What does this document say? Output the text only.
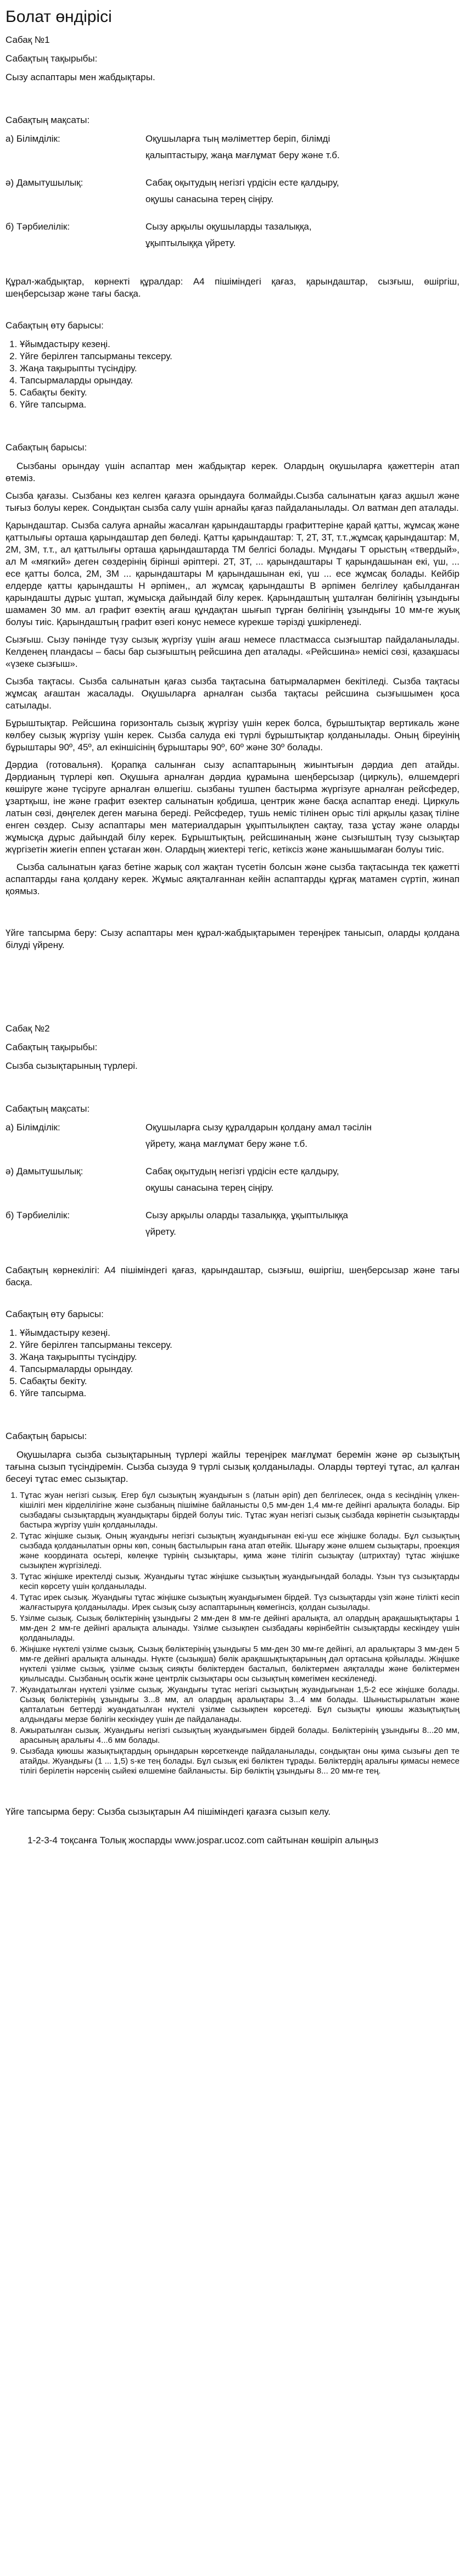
Болат өндірісі

Сабақ №1

Сабақтың тақырыбы:

Сызу аспаптары мен жабдықтары.

Сабақтың мақсаты:

а) Білімділік:	Оқушыларға тың мәліметтер беріп, білімді
қалыптастыру, жаңа мағлұмат беру және т.б.
ә) Дамытушылық:	Сабақ оқытудың негізгі үрдісін есте қалдыру,
оқушы санасына терең сіңіру.
б) Тәрбиелілік:	Сызу арқылы оқушыларды тазалыққа,
ұқыптылыққа үйрету.

Құрал-жабдықтар, көрнекті құралдар: А4 пішіміндегі қағаз, қарындаштар, сызғыш, өшіргіш, шеңберсызар және тағы басқа.

Сабақтың өту барысы:

1. Ұйымдастыру кезеңі.
2. Үйге берілген тапсырманы тексеру.
3. Жаңа тақырыпты түсіндіру.
4. Тапсырмаларды орындау.
5. Сабақты бекіту.
6. Үйге тапсырма.

Сабақтың барысы:

Сызбаны орындау үшін аспаптар мен жабдықтар керек. Олардың оқушыларға қажеттерін атап өтеміз.

Сызба қағазы. Сызбаны кез келген қағазға орындауға болмайды.Сызба салынатын қағаз ақшыл және тығыз болуы керек. Сондықтан сызба салу үшін арнайы қағаз пайдаланылады. Ол ватман деп аталады.

Қарындаштар. Сызба салуға арнайы жасалған қарындаштарды графиттеріне қарай қатты, жұмсақ және қаттылығы орташа қарындаштар деп бөледі. Қатты қарындаштар: Т, 2Т, 3Т, т.т.,жұмсақ қарындаштар: М, 2М, 3М, т.т., ал қаттылығы орташа қарындаштарда ТМ белгісі болады. Мұндағы Т орыстың «твердый», ал М «мягкий» деген сөздерінің бірінші әріптері. 2Т, 3Т, ... қарындаштары Т қарындашынан екі, үш, ... есе қатты болса, 2М, 3М ... қарындаштары М қарындашынан екі, үш ... есе жұмсақ болады. Кейбір елдерде қатты қарындашты Н әрпімен,, ал жұмсақ қарындашты В әрпімен белгілеу қабылданған қарындашты дұрыс ұштап, жұмысқа дайындай білу керек. Қарындаштың ұшталған бөлігінің ұзындығы шамамен 30 мм. ал графит өзектің ағаш құндақтан шығып тұрған бөлігінің ұзындығы 10 мм-ге жуық болуы тиіс. Қарындаштың графит өзегі конус немесе күрекше тәрізді ұшкірленеді.

Сызғыш. Сызу пәнінде түзу сызық жүргізу үшін ағаш немесе пластмасса сызғыштар пайдаланылады. Келденең пландасы – басы бар сызғыштың рейсшина деп аталады. «Рейсшина» немісі сөзі, қазақшасы «үзеке сызғыш».

Сызба тақтасы. Сызба салынатын қағаз сызба тақтасына батырмалармен бекітіледі. Сызба тақтасы жұмсақ ағаштан жасалады. Оқушыларға арналған сызба тақтасы рейсшина сызғышымен қоса сатылады.

Бұрыштықтар. Рейсшина горизонталь сызық жүргізу үшін керек болса, бұрыштықтар вертикаль және көлбеу сызық жүргізу үшін керек. Сызба салуда екі түрлі бұрыштықтар қолданылады. Оның біреуінің бұрыштары 90º, 45º, ал екіншісінің бұрыштары 90º, 60º және 30º болады.

Дәрдиа (готовальня). Қорапқа салынған сызу аспаптарының жиынтығын дәрдиа деп атайды. Дәрдианың түрлері көп. Оқушыға арналған дәрдиа құрамына шеңберсызар (циркуль), өлшемдергі көшіруге және түсіруге арналған өлшегіш. сызбаны тушпен бастырма жүргізуге арналған рейсфедер, ұзартқыш, іне және графит өзектер салынатын қобдиша, центрик және басқа аспаптар енеді. Циркуль латын сөзі, дөңгелек деген мағына береді. Рейсфедер, тушь неміс тілінен орыс тілі арқылы қазақ тіліне енген сөздер. Сызу аспаптары мен материалдарын ұқыптылықпен сақтау, таза ұстау және оларды жұмысқа дұрыс дайындай білу керек. Бұрыштықтың, рейсшинаның және сызғыштың түзу сызықтар жүргізетін жиегін еппен ұстаған жөн. Олардың жиектері тегіс, кетіксіз және жанышымаған болуы тиіс.

Сызба салынатын қағаз бетіне жарық сол жақтан түсетін болсын және сызба тақтасында тек қажетті аспаптарды ғана қолдану керек. Жұмыс аяқталғаннан кейін аспаптарды құрғақ матамен сүртіп, жинап қоямыз.

Үйге тапсырма беру: Сызу аспаптары мен құрал-жабдықтарымен тереңірек танысып, оларды қолдана білуді үйрену.

Сабақ №2

Сабақтың тақырыбы:

Сызба сызықтарының түрлері.

Сабақтың мақсаты:

а) Білімділік:	Оқушыларға сызу құралдарын қолдану амал тәсілін
үйрету, жаңа мағлұмат беру және т.б.
ә) Дамытушылық:	Сабақ оқытудың негізгі үрдісін есте қалдыру,
оқушы санасына терең сіңіру.
б) Тәрбиелілік:	Сызу арқылы оларды тазалыққа, ұқыптылыққа
үйрету.

Сабақтың көрнекілігі: А4 пішіміндегі қағаз, қарындаштар, сызғыш, өшіргіш, шеңберсызар және тағы басқа.

Сабақтың өту барысы:

1. Ұйымдастыру кезеңі.
2. Үйге берілген тапсырманы тексеру.
3. Жаңа тақырыпты түсіндіру.
4. Тапсырмаларды орындау.
5. Сабақты бекіту.
6. Үйге тапсырма.

Сабақтың барысы:

Оқушыларға сызба сызықтарының түрлері жайлы тереңірек мағлұмат беремін және әр сызықтың тағына сызып түсіндіремін. Сызба сызуда 9 түрлі сызық қолданылады. Оларды төртеуі тұтас, ал қалған бесеуі тұтас емес сызықтар.

1. Тұтас жуан негізгі сызық. Егер бұл сызықтың жуандығын s (латын әріп) деп белгілесек, онда s кесіндінің үлкен-кішілігі мен кірделілігіне және сызбаның пішіміне байланысты 0,5 мм-ден 1,4 мм-ге дейінгі аралықта болады. Бір сызбадағы сызықтардың жуандықтары бірдей болуы тиіс. Тұтас жуан негізгі сызық сызбада көрінетін сызықтарды бастыра жүргізу үшін қолданылады.
2. Тұтас жіңішке сызық. Оның жуандығы негізгі сызықтың жуандығынан екі-үш есе жіңішке болады. Бұл сызықтың сызбада қолданылатын орны көп, соның бастылырын ғана атап өтейік. Шығару және өлшем сызықтары, проекция және координата осьтері, көлеңке түрінің сызықтары, қима және тілігіп сызықтау (штрихтау) тұтас жіңішке сызықпен жүргізіледі.
3. Тұтас жіңішке иректелді сызық. Жуандығы тұтас жіңішке сызықтың жуандығындай болады. Үзын түз сызықтарды кесіп көрсету үшін қолданылады.
4. Тұтас ирек сызық. Жуандығы тұтас жіңішке сызықтың жуандығымен бірдей. Түз сызықтарды үзіп және тілікті кесіп жалғастыруға қолданылады. Ирек сызық сызу аспаптарының көмегінсіз, қолдан сызылады.
5. Үзілме сызық. Сызық бөліктерінің ұзындығы 2 мм-ден 8 мм-ге дейінгі аралықта, ал олардың арақашықтықтары 1 мм-ден 2 мм-ге дейінгі аралықта алынады. Үзілме сызықпен сызбадағы көрінбейтін сызықтарды кескіндеу үшін қолданылады.
6. Жіңішке нүктелі үзілме сызық. Сызық бөліктерінің ұзындығы 5 мм-ден 30 мм-ге дейінгі, ал аралықтары 3 мм-ден 5 мм-ге дейінгі аралықта алынады. Нүкте (сызықша) бөлік арақашықтықтарының дәл ортасына қойылады. Жіңішке нүктелі үзілме сызық, үзілме сызық сияқты бөліктерден басталып, бөліктермен аяқталады және бөліктермен қиылысады. Сызбаның осьтік және центрлік сызықтары осы сызықтың көмегімен кескіленеді.
7. Жуандатылған нүктелі үзілме сызық. Жуандығы тұтас негізгі сызықтың жуандығынан 1,5-2 есе жіңішке болады. Сызық бөліктерінің ұзындығы 3...8 мм, ал олардың аралықтары 3...4 мм болады. Шыныстырылатын және қапталатын беттерді жуандатылған нүктелі үзілме сызықпен көрсетеді. Бұл сызықты қиюшы жазықтықтың алдындағы мерзе бөлігін кескіндеу үшін де пайдаланады.
8. Ажыратылған сызық. Жуандығы негізгі сызықтың жуандығымен бірдей болады. Бөліктерінің ұзындығы 8...20 мм, арасының аралығы 4...6 мм болады.
9. Сызбада қиюшы жазықтықтардың орындарын көрсеткенде пайдаланылады, сондықтан оны қима сызығы деп те атайды. Жуандығы (1 ... 1,5) s-ке тең болады. Бұл сызық екі бөліктен тұрады. Бөліктердің аралығы қимасы немесе тілігі берілетін нәрсенің сыйекі өлшеміне байланысты. Бір бөліктің ұзындығы 8... 20 мм-ге тең.

Үйге тапсырма беру: Сызба сызықтарын А4 пішіміндегі қағазға сызып келу.

1-2-3-4 тоқсанға Толық жоспарды www.jospar.ucoz.com сайтынан көшіріп алыңыз
